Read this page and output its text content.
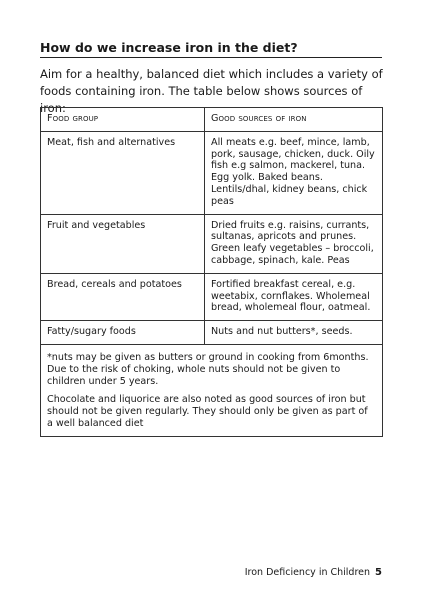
How do we increase iron in the diet?

Aim for a healthy, balanced diet which includes a variety of foods containing iron. The table below shows sources of iron:

Food group	Good sources of iron
Meat, fish and alternatives	All meats e.g. beef, mince, lamb, pork, sausage, chicken, duck. Oily fish e.g salmon, mackerel, tuna. Egg yolk. Baked beans. Lentils/dhal, kidney beans, chick peas
Fruit and vegetables	Dried fruits e.g. raisins, currants, sultanas, apricots and prunes. Green leafy vegetables – broccoli, cabbage, spinach, kale. Peas
Bread, cereals and potatoes	Fortified breakfast cereal, e.g. weetabix, cornflakes. Wholemeal bread, wholemeal flour, oatmeal.
Fatty/sugary foods	Nuts and nut butters*, seeds.

*nuts may be given as butters or ground in cooking from 6months. Due to the risk of choking, whole nuts should not be given to children under 5 years.

Chocolate and liquorice are also noted as good sources of iron but should not be given regularly. They should only be given as part of a well balanced diet	

Iron Deficiency in Children 5
